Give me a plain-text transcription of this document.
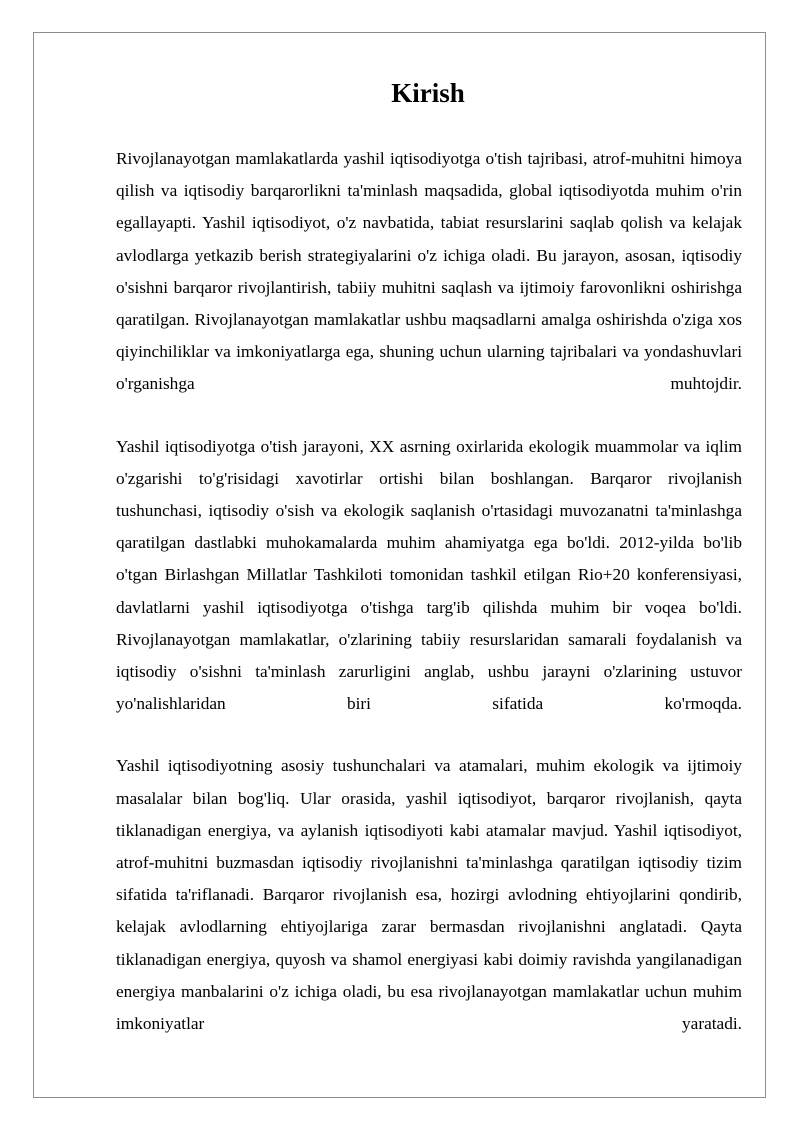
Kirish

Rivojlanayotgan mamlakatlarda yashil iqtisodiyotga o'tish tajribasi, atrof-muhitni himoya qilish va iqtisodiy barqarorlikni ta'minlash maqsadida, global iqtisodiyotda muhim o'rin egallayapti. Yashil iqtisodiyot, o'z navbatida, tabiat resurslarini saqlab qolish va kelajak avlodlarga yetkazib berish strategiyalarini o'z ichiga oladi. Bu jarayon, asosan, iqtisodiy o'sishni barqaror rivojlantirish, tabiiy muhitni saqlash va ijtimoiy farovonlikni oshirishga qaratilgan. Rivojlanayotgan mamlakatlar ushbu maqsadlarni amalga oshirishda o'ziga xos qiyinchiliklar va imkoniyatlarga ega, shuning uchun ularning tajribalari va yondashuvlari o'rganishga muhtojdir.

Yashil iqtisodiyotga o'tish jarayoni, XX asrning oxirlarida ekologik muammolar va iqlim o'zgarishi to'g'risidagi xavotirlar ortishi bilan boshlangan. Barqaror rivojlanish tushunchasi, iqtisodiy o'sish va ekologik saqlanish o'rtasidagi muvozanatni ta'minlashga qaratilgan dastlabki muhokamalarda muhim ahamiyatga ega bo'ldi. 2012-yilda bo'lib o'tgan Birlashgan Millatlar Tashkiloti tomonidan tashkil etilgan Rio+20 konferensiyasi, davlatlarni yashil iqtisodiyotga o'tishga targ'ib qilishda muhim bir voqea bo'ldi. Rivojlanayotgan mamlakatlar, o'zlarining tabiiy resurslaridan samarali foydalanish va iqtisodiy o'sishni ta'minlash zarurligini anglab, ushbu jarayni o'zlarining ustuvor yo'nalishlaridan biri sifatida ko'rmoqda.

Yashil iqtisodiyotning asosiy tushunchalari va atamalari, muhim ekologik va ijtimoiy masalalar bilan bog'liq. Ular orasida, yashil iqtisodiyot, barqaror rivojlanish, qayta tiklanadigan energiya, va aylanish iqtisodiyoti kabi atamalar mavjud. Yashil iqtisodiyot, atrof-muhitni buzmasdan iqtisodiy rivojlanishni ta'minlashga qaratilgan iqtisodiy tizim sifatida ta'riflanadi. Barqaror rivojlanish esa, hozirgi avlodning ehtiyojlarini qondirib, kelajak avlodlarning ehtiyojlariga zarar bermasdan rivojlanishni anglatadi. Qayta tiklanadigan energiya, quyosh va shamol energiyasi kabi doimiy ravishda yangilanadigan energiya manbalarini o'z ichiga oladi, bu esa rivojlanayotgan mamlakatlar uchun muhim imkoniyatlar yaratadi.
